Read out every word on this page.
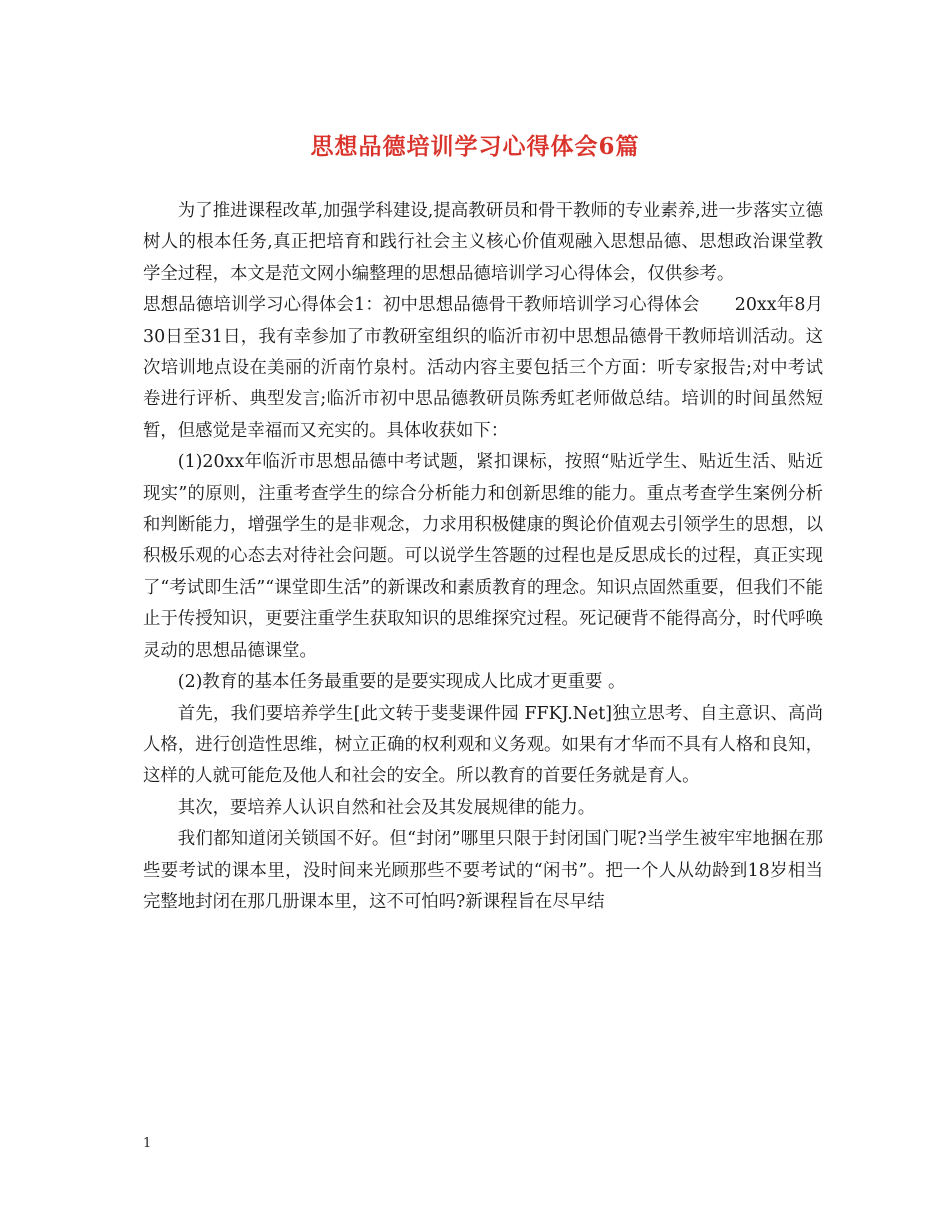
思想品德培训学习心得体会6篇

为了推进课程改革,加强学科建设,提高教研员和骨干教师的专业素养,进一步落实立德树人的根本任务,真正把培育和践行社会主义核心价值观融入思想品德、思想政治课堂教学全过程，本文是范文网小编整理的思想品德培训学习心得体会，仅供参考。

思想品德培训学习心得体会1：初中思想品德骨干教师培训学习心得体会　　20xx年8月30日至31日，我有幸参加了市教研室组织的临沂市初中思想品德骨干教师培训活动。这次培训地点设在美丽的沂南竹泉村。活动内容主要包括三个方面：听专家报告;对中考试卷进行评析、典型发言;临沂市初中思品德教研员陈秀虹老师做总结。培训的时间虽然短暂，但感觉是幸福而又充实的。具体收获如下：

(1)20xx年临沂市思想品德中考试题，紧扣课标，按照“贴近学生、贴近生活、贴近现实”的原则，注重考查学生的综合分析能力和创新思维的能力。重点考查学生案例分析和判断能力，增强学生的是非观念，力求用积极健康的舆论价值观去引领学生的思想，以积极乐观的心态去对待社会问题。可以说学生答题的过程也是反思成长的过程，真正实现了“考试即生活”“课堂即生活”的新课改和素质教育的理念。知识点固然重要，但我们不能止于传授知识，更要注重学生获取知识的思维探究过程。死记硬背不能得高分，时代呼唤灵动的思想品德课堂。

(2)教育的基本任务最重要的是要实现成人比成才更重要 。

首先，我们要培养学生[此文转于斐斐课件园 FFKJ.Net]独立思考、自主意识、高尚人格，进行创造性思维，树立正确的权利观和义务观。如果有才华而不具有人格和良知，这样的人就可能危及他人和社会的安全。所以教育的首要任务就是育人。

其次，要培养人认识自然和社会及其发展规律的能力。

我们都知道闭关锁国不好。但“封闭”哪里只限于封闭国门呢?当学生被牢牢地捆在那些要考试的课本里，没时间来光顾那些不要考试的“闲书”。把一个人从幼龄到18岁相当完整地封闭在那几册课本里，这不可怕吗?新课程旨在尽早结

1
